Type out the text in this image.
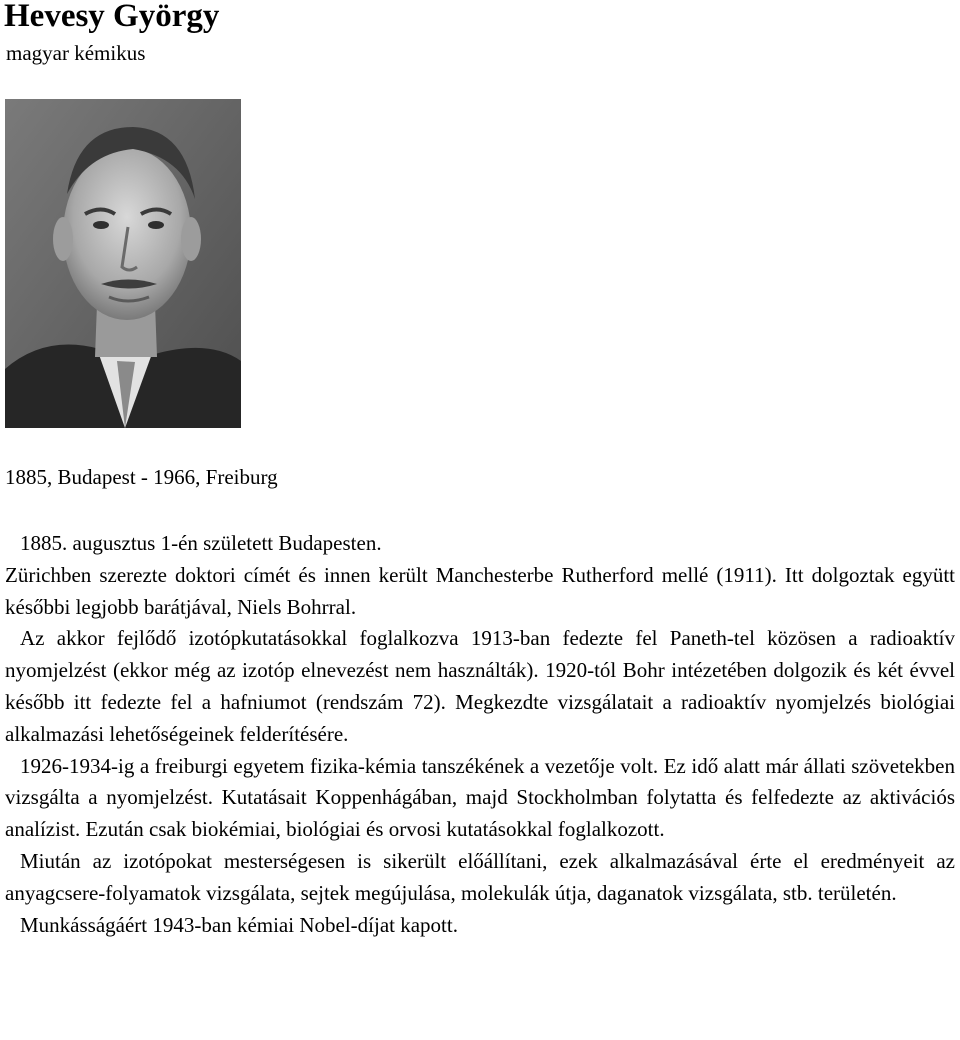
Hevesy György
magyar kémikus
1885, Budapest - 1966, Freiburg

1885. augusztus 1-én született Budapesten.

Zürichben szerezte doktori címét és innen került Manchesterbe Rutherford mellé (1911). Itt dolgoztak együtt későbbi legjobb barátjával, Niels Bohrral.

Az akkor fejlődő izotópkutatásokkal foglalkozva 1913-ban fedezte fel Paneth-tel közösen a radioaktív nyomjelzést (ekkor még az izotóp elnevezést nem használták). 1920-tól Bohr intézetében dolgozik és két évvel később itt fedezte fel a hafniumot (rendszám 72). Megkezdte vizsgálatait a radioaktív nyomjelzés biológiai alkalmazási lehetőségeinek felderítésére.

1926-1934-ig a freiburgi egyetem fizika-kémia tanszékének a vezetője volt. Ez idő alatt már állati szövetekben vizsgálta a nyomjelzést. Kutatásait Koppenhágában, majd Stockholmban folytatta és felfedezte az aktivációs analízist. Ezután csak biokémiai, biológiai és orvosi kutatásokkal foglalkozott.

Miután az izotópokat mesterségesen is sikerült előállítani, ezek alkalmazásával érte el eredményeit az anyagcsere-folyamatok vizsgálata, sejtek megújulása, molekulák útja, daganatok vizsgálata, stb. területén.

Munkásságáért 1943-ban kémiai Nobel-díjat kapott.
